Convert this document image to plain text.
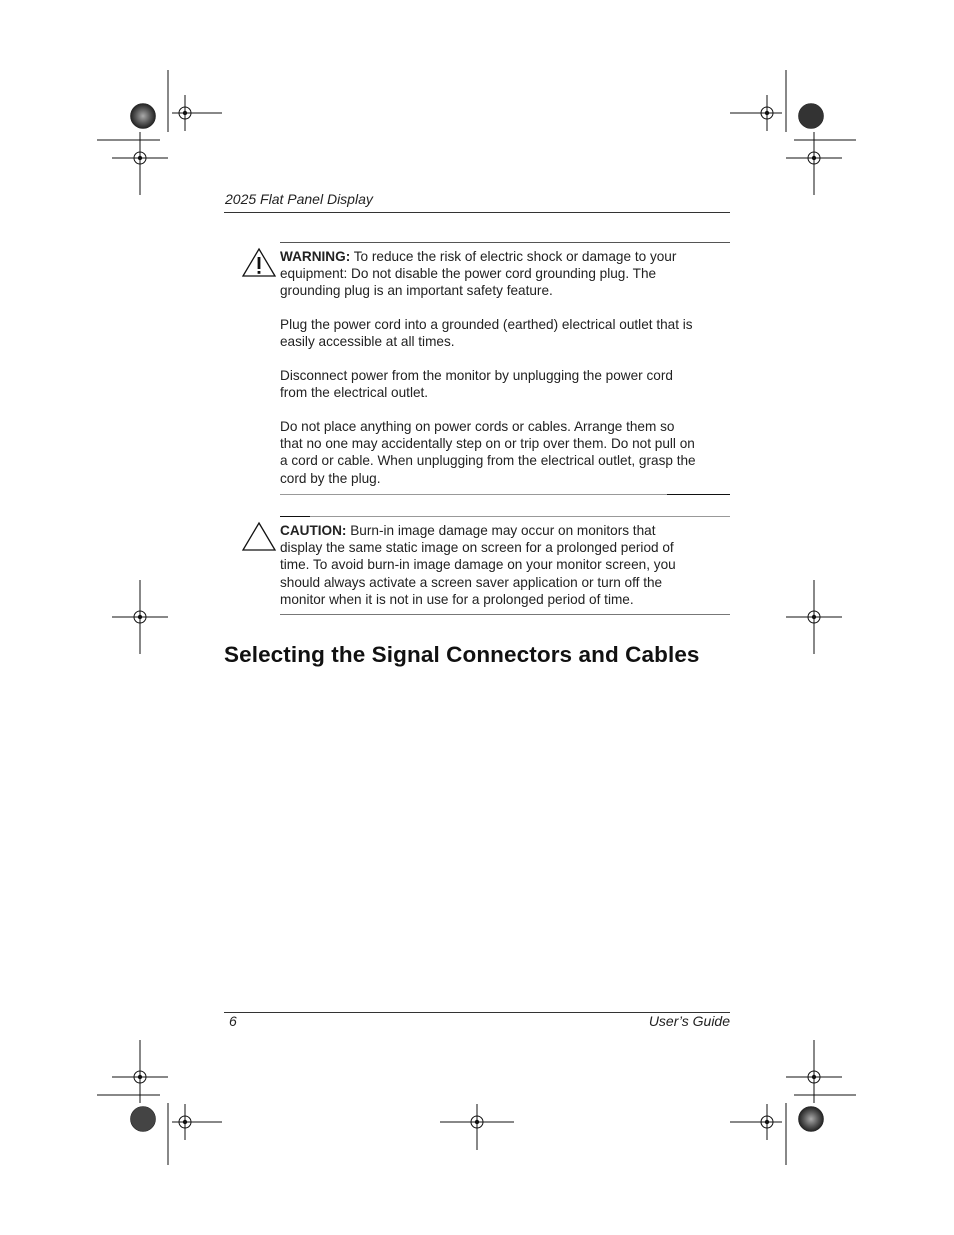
2025 Flat Panel Display

WARNING: To reduce the risk of electric shock or damage to your equipment: Do not disable the power cord grounding plug. The grounding plug is an important safety feature.

Plug the power cord into a grounded (earthed) electrical outlet that is easily accessible at all times.

Disconnect power from the monitor by unplugging the power cord from the electrical outlet.

Do not place anything on power cords or cables. Arrange them so that no one may accidentally step on or trip over them. Do not pull on a cord or cable. When unplugging from the electrical outlet, grasp the cord by the plug.

CAUTION: Burn-in image damage may occur on monitors that display the same static image on screen for a prolonged period of time. To avoid burn-in image damage on your monitor screen, you should always activate a screen saver application or turn off the monitor when it is not in use for a prolonged period of time.

Selecting the Signal Connectors and Cables
6	User’s Guide
